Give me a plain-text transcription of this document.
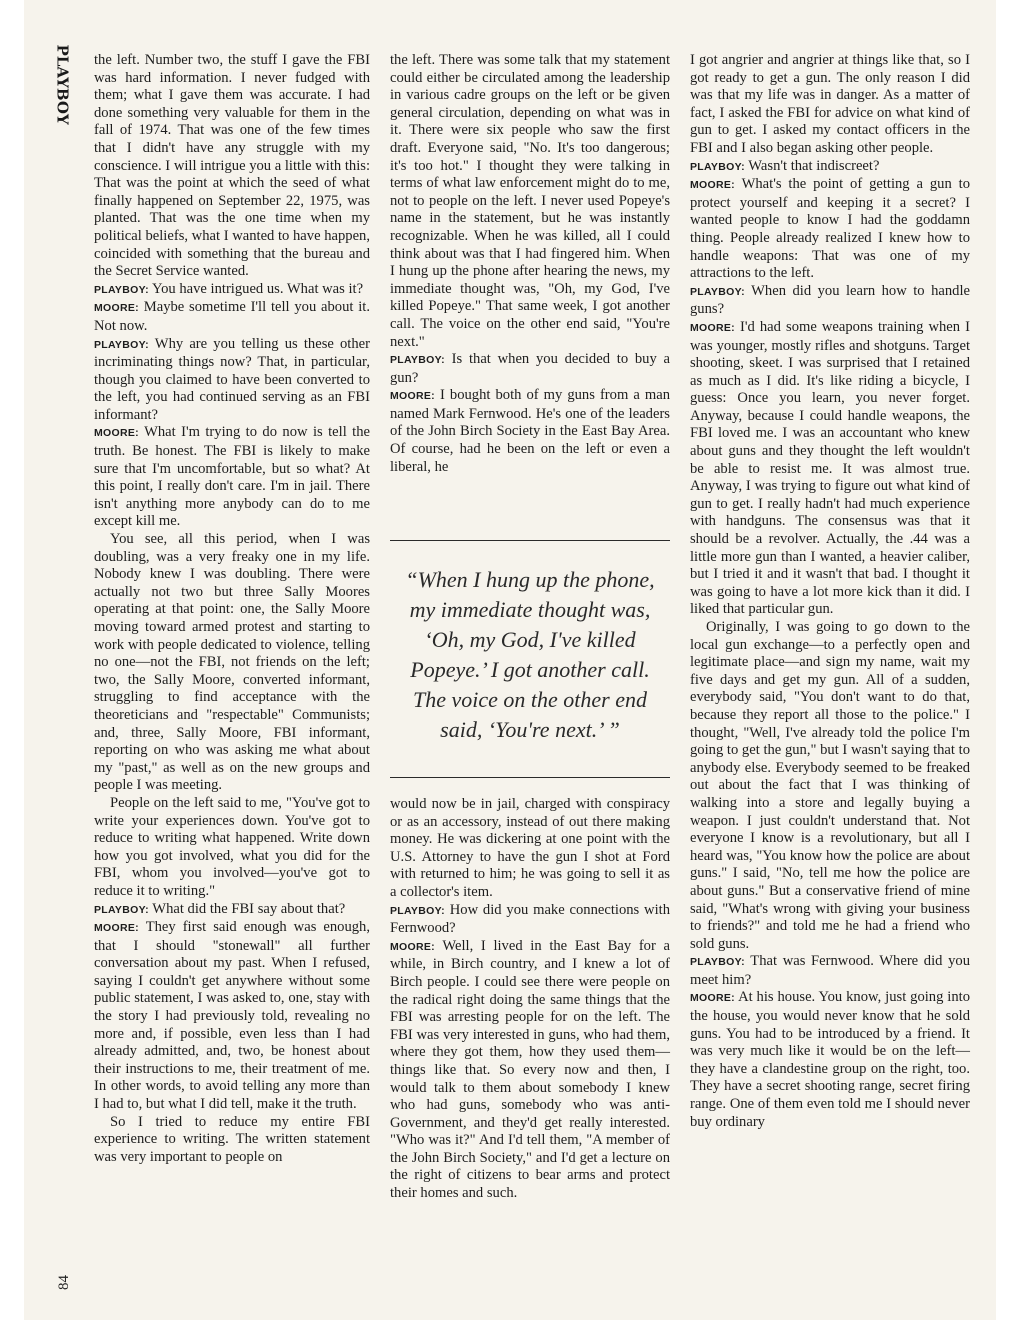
84

the left. Number two, the stuff I gave the FBI was hard information. I never fudged with them; what I gave them was accurate. I had done something very valuable for them in the fall of 1974. That was one of the few times that I didn't have any struggle with my conscience. I will intrigue you a little with this: That was the point at which the seed of what finally happened on September 22, 1975, was planted. That was the one time when my political beliefs, what I wanted to have happen, coincided with something that the bureau and the Secret Service wanted.

PLAYBOY: You have intrigued us. What was it?

MOORE: Maybe sometime I'll tell you about it. Not now.

PLAYBOY: Why are you telling us these other incriminating things now? That, in particular, though you claimed to have been converted to the left, you had continued serving as an FBI informant?

MOORE: What I'm trying to do now is tell the truth. Be honest. The FBI is likely to make sure that I'm uncomfortable, but so what? At this point, I really don't care. I'm in jail. There isn't anything more anybody can do to me except kill me.

You see, all this period, when I was doubling, was a very freaky one in my life. Nobody knew I was doubling. There were actually not two but three Sally Moores operating at that point: one, the Sally Moore moving toward armed protest and starting to work with people dedicated to violence, telling no one—not the FBI, not friends on the left; two, the Sally Moore, converted informant, struggling to find acceptance with the theoreticians and "respectable" Communists; and, three, Sally Moore, FBI informant, reporting on who was asking me what about my "past," as well as on the new groups and people I was meeting.

People on the left said to me, "You've got to write your experiences down. You've got to reduce to writing what happened. Write down how you got involved, what you did for the FBI, whom you involved—you've got to reduce it to writing."

PLAYBOY: What did the FBI say about that?

MOORE: They first said enough was enough, that I should "stonewall" all further conversation about my past. When I refused, saying I couldn't get anywhere without some public statement, I was asked to, one, stay with the story I had previously told, revealing no more and, if possible, even less than I had already admitted, and, two, be honest about their instructions to me, their treatment of me. In other words, to avoid telling any more than I had to, but what I did tell, make it the truth.

So I tried to reduce my entire FBI experience to writing. The written statement was very important to people on

the left. There was some talk that my statement could either be circulated among the leadership in various cadre groups on the left or be given general circulation, depending on what was in it. There were six people who saw the first draft. Everyone said, "No. It's too dangerous; it's too hot." I thought they were talking in terms of what law enforcement might do to me, not to people on the left. I never used Popeye's name in the statement, but he was instantly recognizable. When he was killed, all I could think about was that I had fingered him. When I hung up the phone after hearing the news, my immediate thought was, "Oh, my God, I've killed Popeye." That same week, I got another call. The voice on the other end said, "You're next."

PLAYBOY: Is that when you decided to buy a gun?

MOORE: I bought both of my guns from a man named Mark Fernwood. He's one of the leaders of the John Birch Society in the East Bay Area. Of course, had he been on the left or even a liberal, he

“When I hung up the phone, my immediate thought was, ‘Oh, my God, I've killed Popeye.’ I got another call. The voice on the other end said, ‘You're next.’ ”

would now be in jail, charged with conspiracy or as an accessory, instead of out there making money. He was dickering at one point with the U.S. Attorney to have the gun I shot at Ford with returned to him; he was going to sell it as a collector's item.

PLAYBOY: How did you make connections with Fernwood?

MOORE: Well, I lived in the East Bay for a while, in Birch country, and I knew a lot of Birch people. I could see there were people on the radical right doing the same things that the FBI was arresting people for on the left. The FBI was very interested in guns, who had them, where they got them, how they used them—things like that. So every now and then, I would talk to them about somebody I knew who had guns, somebody who was anti-Government, and they'd get really interested. "Who was it?" And I'd tell them, "A member of the John Birch Society," and I'd get a lecture on the right of citizens to bear arms and protect their homes and such.

I got angrier and angrier at things like that, so I got ready to get a gun. The only reason I did was that my life was in danger. As a matter of fact, I asked the FBI for advice on what kind of gun to get. I asked my contact officers in the FBI and I also began asking other people.

PLAYBOY: Wasn't that indiscreet?

MOORE: What's the point of getting a gun to protect yourself and keeping it a secret? I wanted people to know I had the goddamn thing. People already realized I knew how to handle weapons: That was one of my attractions to the left.

PLAYBOY: When did you learn how to handle guns?

MOORE: I'd had some weapons training when I was younger, mostly rifles and shotguns. Target shooting, skeet. I was surprised that I retained as much as I did. It's like riding a bicycle, I guess: Once you learn, you never forget. Anyway, because I could handle weapons, the FBI loved me. I was an accountant who knew about guns and they thought the left wouldn't be able to resist me. It was almost true. Anyway, I was trying to figure out what kind of gun to get. I really hadn't had much experience with handguns. The consensus was that it should be a revolver. Actually, the .44 was a little more gun than I wanted, a heavier caliber, but I tried it and it wasn't that bad. I thought it was going to have a lot more kick than it did. I liked that particular gun.

Originally, I was going to go down to the local gun exchange—to a perfectly open and legitimate place—and sign my name, wait my five days and get my gun. All of a sudden, everybody said, "You don't want to do that, because they report all those to the police." I thought, "Well, I've already told the police I'm going to get the gun," but I wasn't saying that to anybody else. Everybody seemed to be freaked out about the fact that I was thinking of walking into a store and legally buying a weapon. I just couldn't understand that. Not everyone I know is a revolutionary, but all I heard was, "You know how the police are about guns." I said, "No, tell me how the police are about guns." But a conservative friend of mine said, "What's wrong with giving your business to friends?" and told me he had a friend who sold guns.

PLAYBOY: That was Fernwood. Where did you meet him?

MOORE: At his house. You know, just going into the house, you would never know that he sold guns. You had to be introduced by a friend. It was very much like it would be on the left—they have a clandestine group on the right, too. They have a secret shooting range, secret firing range. One of them even told me I should never buy ordinary
